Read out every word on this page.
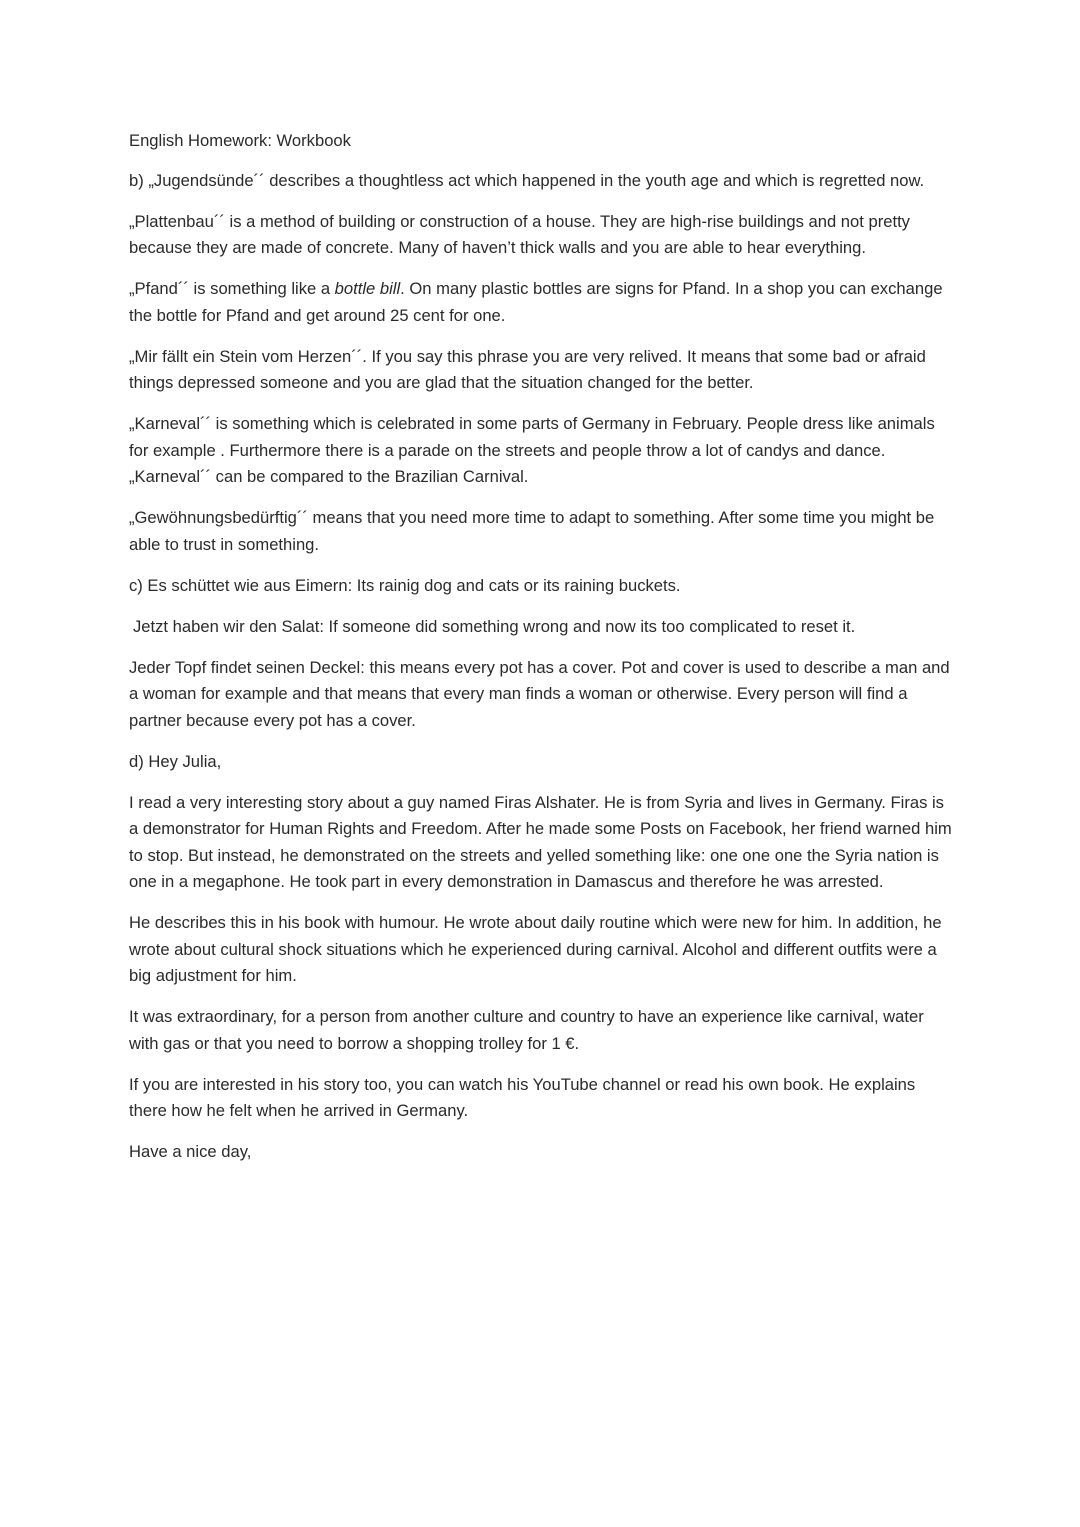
English Homework: Workbook

b) „Jugendsünde´´ describes a thoughtless act which happened in the youth age and which is regretted now.

„Plattenbau´´ is a method of building or construction of a house. They are high-rise buildings and not pretty because they are made of concrete. Many of haven’t thick walls and you are able to hear everything.

„Pfand´´ is something like a bottle bill. On many plastic bottles are signs for Pfand. In a shop you can exchange the bottle for Pfand and get around 25 cent for one.

„Mir fällt ein Stein vom Herzen´´. If you say this phrase you are very relived. It means that some bad or afraid things depressed someone and you are glad that the situation changed for the better.

„Karneval´´ is something which is celebrated in some parts of Germany in February. People dress like animals for example . Furthermore there is a parade on the streets and people throw a lot of candys and dance. „Karneval´´ can be compared to the Brazilian Carnival.

„Gewöhnungsbedürftig´´ means that you need more time to adapt to something. After some time you might be able to trust in something.

c) Es schüttet wie aus Eimern: Its rainig dog and cats or its raining buckets.

Jetzt haben wir den Salat: If someone did something wrong and now its too complicated to reset it.

Jeder Topf findet seinen Deckel: this means every pot has a cover. Pot and cover is used to describe a man and a woman for example and that means that every man finds a woman or otherwise. Every person will find a partner because every pot has a cover.

d) Hey Julia,

I read a very interesting story about a guy named Firas Alshater. He is from Syria and lives in Germany. Firas is a demonstrator for Human Rights and Freedom. After he made some Posts on Facebook, her friend warned him to stop. But instead, he demonstrated on the streets and yelled something like: one one one the Syria nation is one in a megaphone. He took part in every demonstration in Damascus and therefore he was arrested.

He describes this in his book with humour. He wrote about daily routine which were new for him. In addition, he wrote about cultural shock situations which he experienced during carnival. Alcohol and different outfits were a big adjustment for him.

It was extraordinary, for a person from another culture and country to have an experience like carnival, water with gas or that you need to borrow a shopping trolley for 1 €.

If you are interested in his story too, you can watch his YouTube channel or read his own book. He explains there how he felt when he arrived in Germany.

Have a nice day,
